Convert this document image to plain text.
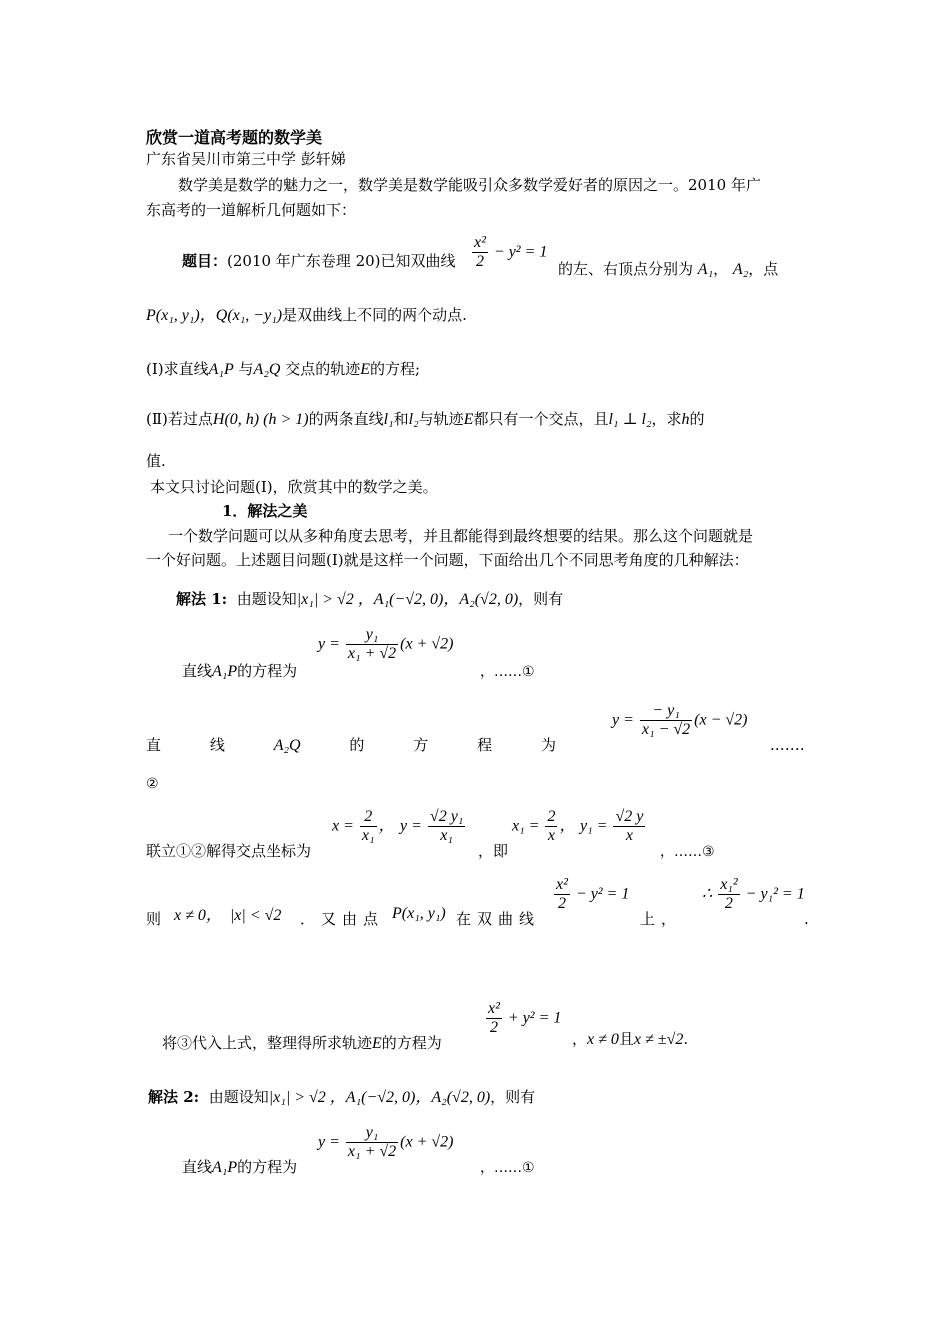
欣赏一道高考题的数学美
广东省吴川市第三中学 彭轩娣
数学美是数学的魅力之一，数学美是数学能吸引众多数学爱好者的原因之一。2010 年广
东高考的一道解析几何题如下：
题目：(2010 年广东卷理 20)已知双曲线 $\frac{\text{x²}}{2} - y^2 = 1$
的左、右顶点分别为 A₁， A₂，点
P(x₁, y₁)，Q(x₁, −y₁)是双曲线上不同的两个动点.
(Ⅰ)求直线A₁P 与A₂Q 交点的轨迹E的方程;
(Ⅱ)若过点H(0, h) (h > 1)的两条直线l₁和l₂与轨迹E都只有一个交点，且l₁ ⊥ l₂，求h的
值.
本文只讨论问题(Ⅰ)，欣赏其中的数学之美。
1．解法之美
一个数学问题可以从多种角度去思考，并且都能得到最终想要的结果。那么这个问题就是
一个好问题。上述题目问题(Ⅰ)就是这样一个问题，下面给出几个不同思考角度的几种解法：
解法 1: 由题设知|x₁| > √2 ，A₁(−√2, 0)，A₂(√2, 0)，则有
$y = \frac{\text{y₁}}{\text{x₁ + √2}} (x + √2)$
直线A₁P的方程为	，……①
$y = \frac{\text{− y₁}}{\text{x₁ − √2}} (x - √2)$
直	线	A₂Q	的	方	程	为	.……
②
$x = \frac{2}{\text{x₁}}$ ， $y = \frac{\text{√2 y₁}}{\text{x₁}}$
联立①②解得交点坐标为	，即
$x_1 = \frac{2}{x}$ ， $y_1 = \frac{√2 y}{x}$
，……③
则 x ≠ 0，  |x| < √2 ．又由点 P(x₁, y₁) 在双曲线
$\frac{\text{x²}}{2} - y^2 = 1$
上，
∴ $\frac{\text{x₁²}}{2} - y_1^2 = 1$
.
$\frac{\text{x²}}{2} + y^2 = 1$
将③代入上式，整理得所求轨迹E的方程为	，x ≠ 0且x ≠ ±√2.
解法 2: 由题设知|x₁| > √2 ，A₁(−√2, 0)，A₂(√2, 0)，则有
$y = \frac{\text{y₁}}{\text{x₁ + √2}} (x + √2)$
直线A₁P的方程为	，……①
